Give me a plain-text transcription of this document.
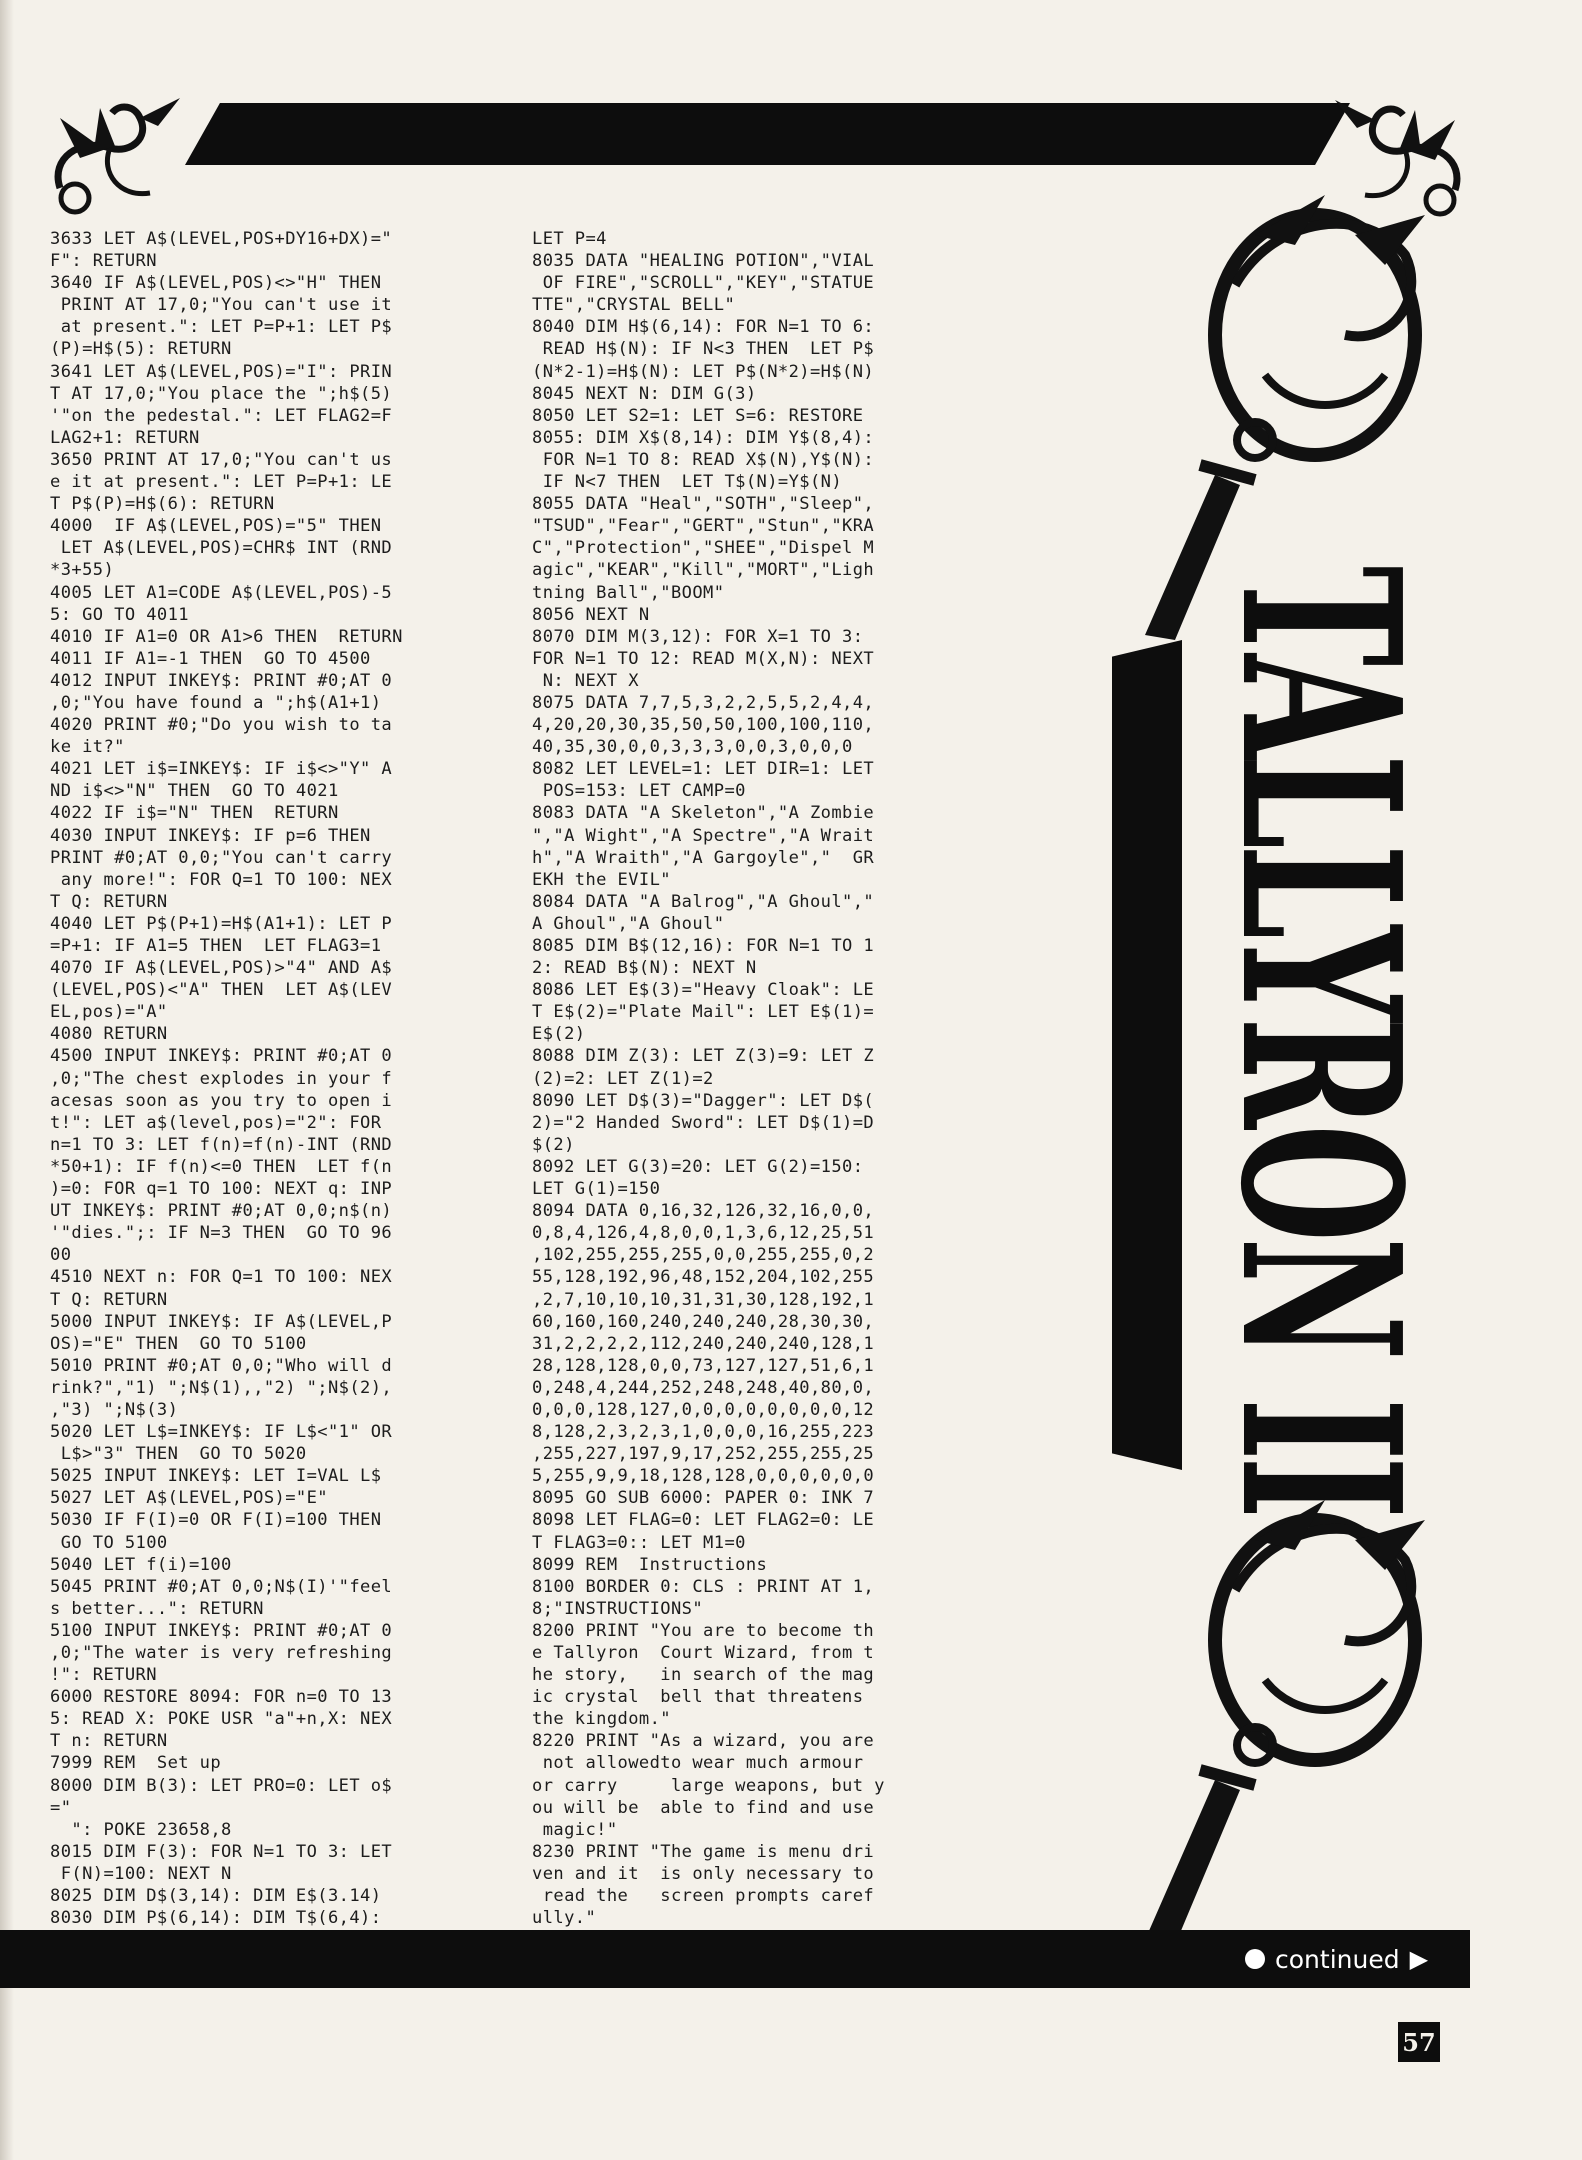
TALLYRON II
3633 LET A$(LEVEL,POS+DY16+DX)="
F": RETURN
3640 IF A$(LEVEL,POS)<>"H" THEN
PRINT AT 17,0;"You can't use it
at present.": LET P=P+1: LET P$
(P)=H$(5): RETURN
3641 LET A$(LEVEL,POS)="I": PRIN
T AT 17,0;"You place the ";h$(5)
'"on the pedestal.": LET FLAG2=F
LAG2+1: RETURN
3650 PRINT AT 17,0;"You can't us
e it at present.": LET P=P+1: LE
T P$(P)=H$(6): RETURN
4000  IF A$(LEVEL,POS)="5" THEN
LET A$(LEVEL,POS)=CHR$ INT (RND
*3+55)
4005 LET A1=CODE A$(LEVEL,POS)-5
5: GO TO 4011
4010 IF A1=0 OR A1>6 THEN  RETURN
4011 IF A1=-1 THEN  GO TO 4500
4012 INPUT INKEY$: PRINT #0;AT 0
,0;"You have found a ";h$(A1+1)
4020 PRINT #0;"Do you wish to ta
ke it?"
4021 LET i$=INKEY$: IF i$<>"Y" A
ND i$<>"N" THEN  GO TO 4021
4022 IF i$="N" THEN  RETURN
4030 INPUT INKEY$: IF p=6 THEN
PRINT #0;AT 0,0;"You can't carry
any more!": FOR Q=1 TO 100: NEX
T Q: RETURN
4040 LET P$(P+1)=H$(A1+1): LET P
=P+1: IF A1=5 THEN  LET FLAG3=1
4070 IF A$(LEVEL,POS)>"4" AND A$
(LEVEL,POS)<"A" THEN  LET A$(LEV
EL,pos)="A"
4080 RETURN
4500 INPUT INKEY$: PRINT #0;AT 0
,0;"The chest explodes in your f
acesas soon as you try to open i
t!": LET a$(level,pos)="2": FOR
n=1 TO 3: LET f(n)=f(n)-INT (RND
*50+1): IF f(n)<=0 THEN  LET f(n
)=0: FOR q=1 TO 100: NEXT q: INP
UT INKEY$: PRINT #0;AT 0,0;n$(n)
'"dies.";: IF N=3 THEN  GO TO 96
00
4510 NEXT n: FOR Q=1 TO 100: NEX
T Q: RETURN
5000 INPUT INKEY$: IF A$(LEVEL,P
OS)="E" THEN  GO TO 5100
5010 PRINT #0;AT 0,0;"Who will d
rink?","1) ";N$(1),,"2) ";N$(2),
,"3) ";N$(3)
5020 LET L$=INKEY$: IF L$<"1" OR
L$>"3" THEN  GO TO 5020
5025 INPUT INKEY$: LET I=VAL L$
5027 LET A$(LEVEL,POS)="E"
5030 IF F(I)=0 OR F(I)=100 THEN
GO TO 5100
5040 LET f(i)=100
5045 PRINT #0;AT 0,0;N$(I)'"feel
s better...": RETURN
5100 INPUT INKEY$: PRINT #0;AT 0
,0;"The water is very refreshing
!": RETURN
6000 RESTORE 8094: FOR n=0 TO 13
5: READ X: POKE USR "a"+n,X: NEX
T n: RETURN
7999 REM  Set up
8000 DIM B(3): LET PRO=0: LET o$
="
": POKE 23658,8
8015 DIM F(3): FOR N=1 TO 3: LET
F(N)=100: NEXT N
8025 DIM D$(3,14): DIM E$(3.14)
8030 DIM P$(6,14): DIM T$(6,4):
LET P=4
8035 DATA "HEALING POTION","VIAL
OF FIRE","SCROLL","KEY","STATUE
TTE","CRYSTAL BELL"
8040 DIM H$(6,14): FOR N=1 TO 6:
READ H$(N): IF N<3 THEN  LET P$
(N*2-1)=H$(N): LET P$(N*2)=H$(N)
8045 NEXT N: DIM G(3)
8050 LET S2=1: LET S=6: RESTORE
8055: DIM X$(8,14): DIM Y$(8,4):
FOR N=1 TO 8: READ X$(N),Y$(N):
IF N<7 THEN  LET T$(N)=Y$(N)
8055 DATA "Heal","SOTH","Sleep",
"TSUD","Fear","GERT","Stun","KRA
C","Protection","SHEE","Dispel M
agic","KEAR","Kill","MORT","Ligh
tning Ball","BOOM"
8056 NEXT N
8070 DIM M(3,12): FOR X=1 TO 3:
FOR N=1 TO 12: READ M(X,N): NEXT
N: NEXT X
8075 DATA 7,7,5,3,2,2,5,5,2,4,4,
4,20,20,30,35,50,50,100,100,110,
40,35,30,0,0,3,3,3,0,0,3,0,0,0
8082 LET LEVEL=1: LET DIR=1: LET
POS=153: LET CAMP=0
8083 DATA "A Skeleton","A Zombie
","A Wight","A Spectre","A Wrait
h","A Wraith","A Gargoyle","  GR
EKH the EVIL"
8084 DATA "A Balrog","A Ghoul","
A Ghoul","A Ghoul"
8085 DIM B$(12,16): FOR N=1 TO 1
2: READ B$(N): NEXT N
8086 LET E$(3)="Heavy Cloak": LE
T E$(2)="Plate Mail": LET E$(1)=
E$(2)
8088 DIM Z(3): LET Z(3)=9: LET Z
(2)=2: LET Z(1)=2
8090 LET D$(3)="Dagger": LET D$(
2)="2 Handed Sword": LET D$(1)=D
$(2)
8092 LET G(3)=20: LET G(2)=150:
LET G(1)=150
8094 DATA 0,16,32,126,32,16,0,0,
0,8,4,126,4,8,0,0,1,3,6,12,25,51
,102,255,255,255,0,0,255,255,0,2
55,128,192,96,48,152,204,102,255
,2,7,10,10,10,31,31,30,128,192,1
60,160,160,240,240,240,28,30,30,
31,2,2,2,2,112,240,240,240,128,1
28,128,128,0,0,73,127,127,51,6,1
0,248,4,244,252,248,248,40,80,0,
0,0,0,128,127,0,0,0,0,0,0,0,0,12
8,128,2,3,2,3,1,0,0,0,16,255,223
,255,227,197,9,17,252,255,255,25
5,255,9,9,18,128,128,0,0,0,0,0,0
8095 GO SUB 6000: PAPER 0: INK 7
8098 LET FLAG=0: LET FLAG2=0: LE
T FLAG3=0:: LET M1=0
8099 REM  Instructions
8100 BORDER 0: CLS : PRINT AT 1,
8;"INSTRUCTIONS"
8200 PRINT "You are to become th
e Tallyron  Court Wizard, from t
he story,   in search of the mag
ic crystal  bell that threatens
the kingdom."
8220 PRINT "As a wizard, you are
not allowedto wear much armour
or carry     large weapons, but y
ou will be  able to find and use
magic!"
8230 PRINT "The game is menu dri
ven and it  is only necessary to
read the   screen prompts caref
ully."
continued ▶
57
